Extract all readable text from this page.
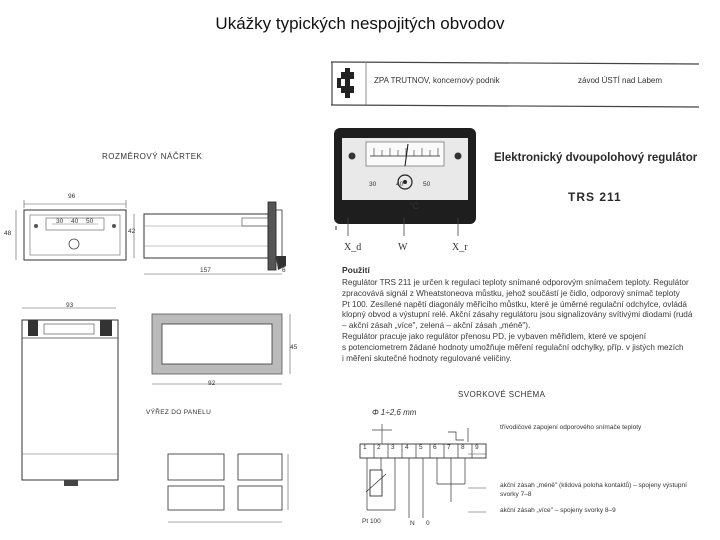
Ukážky typických nespojitých obvodov
ZPA TRUTNOV, koncernový podnik	závod ÚSTÍ nad Labem
ROZMĚROVÝ NÁČRTEK
96
48
30 40 50
42
157	6
93
92
45
VÝŘEZ DO PANELU
30	40	50
°C
X_d	W	X_r
Elektronický dvoupolohový regulátor
TRS 211
Použití
Regulátor TRS 211 je určen k regulaci teploty snímané odporovým snímačem teploty. Regulátor
zpracovává signál z Wheatstoneova můstku, jehož součástí je čidlo, odporový snímač teploty
Pt 100. Zesílené napětí diagonály měřicího můstku, které je úměrné regulační odchylce, ovládá
klopný obvod a výstupní relé. Akční zásahy regulátoru jsou signalizovány svítivými diodami (rudá
– akční zásah „více", zelená – akční zásah „méně").
Regulátor pracuje jako regulátor přenosu PD, je vybaven měřidlem, které ve spojení
s potenciometrem žádané hodnoty umožňuje měření regulační odchylky, příp. v jistých mezích
i měření skutečné hodnoty regulované veličiny.
SVORKOVÉ SCHÉMA
Φ 1÷2,6 mm
1 2 3 4 5 6 7 8 9
Pt 100	N 0
třívodičové zapojení odporového snímače teploty
akční zásah „méně" (klidová poloha kontaktů) – spojeny výstupní svorky 7–8
akční zásah „více" – spojeny svorky 8–9
